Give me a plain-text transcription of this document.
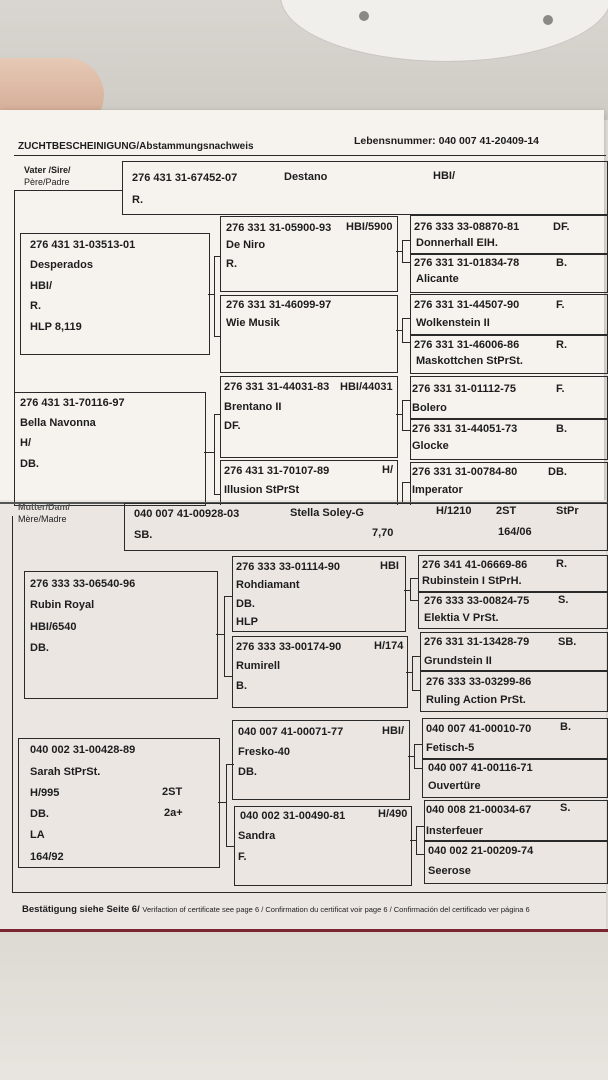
ZUCHTBESCHEINIGUNG/Abstammungsnachweis	Lebensnummer: 040 007 41-20409-14
Vater /Sire/
Père/Padre	276 431 31-67452-07	Destano	HBI/
R.
276 431 31-03513-01
Desperados
HBI/
R.
HLP 8,119
276 331 31-05900-93 HBI/5900
De Niro
R.
276 333 33-08870-81	DF.
Donnerhall EIH.
276 331 31-01834-78	B.
Alicante
276 331 31-46099-97
Wie Musik
276 331 31-44507-90	F.
Wolkenstein II
276 331 31-46006-86	R.
Maskottchen StPrSt.
276 431 31-70116-97
Bella Navonna
H/
DB.
276 331 31-44031-83 HBI/44031
Brentano II
DF.
276 331 31-01112-75	F.
Bolero
276 331 31-44051-73	B.
Glocke
276 431 31-70107-89	H/
Illusion StPrSt
276 331 31-00784-80	DB.
Imperator
Mutter/Dam/
Mère/Madre	040 007 41-00928-03	Stella Soley-G	H/1210 2ST	StPr
SB.	7,70	164/06
276 333 33-06540-96
Rubin Royal
HBI/6540
DB.
276 333 33-01114-90	HBI
Rohdiamant
DB.
HLP
276 341 41-06669-86	R.
Rubinstein I StPrH.
276 333 33-00824-75	S.
Elektia V PrSt.
276 333 33-00174-90	H/174
Rumirell
B.
276 331 31-13428-79	SB.
Grundstein II
276 333 33-03299-86
Ruling Action PrSt.
040 002 31-00428-89
Sarah StPrSt.
H/995	2ST
DB.	2a+
LA
164/92
040 007 41-00071-77	HBI/
Fresko-40
DB.
040 007 41-00010-70	B.
Fetisch-5
040 007 41-00116-71
Ouvertüre
040 002 31-00490-81	H/490
Sandra
F.
040 008 21-00034-67	S.
Insterfeuer
040 002 21-00209-74
Seerose
Bestätigung siehe Seite 6/ Verifaction of certificate see page 6 / Confirmation du certificat voir page 6 / Confirmación del certificado ver página 6
